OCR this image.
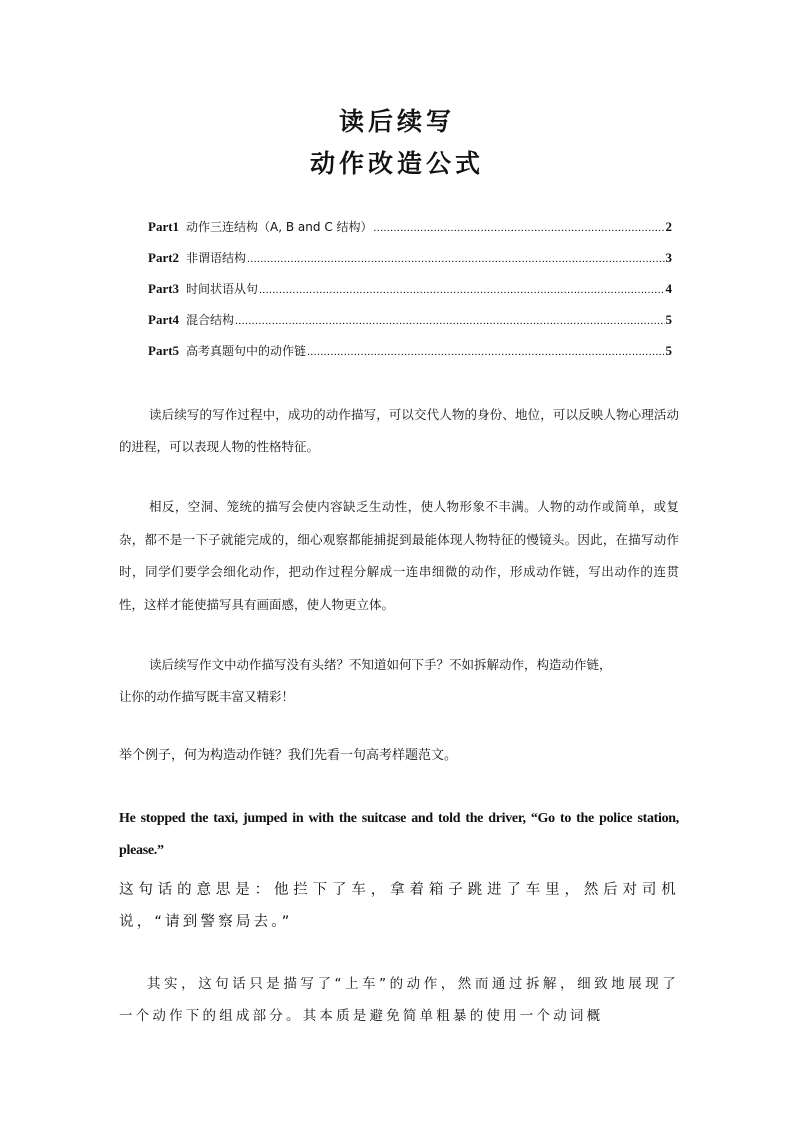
读后续写
动作改造公式
Part1 动作三连结构（A, B and C 结构） .....	2
Part2 非谓语结构 .....	3
Part3 时间状语从句 .....	4
Part4 混合结构 .....	5
Part5 高考真题句中的动作链 .....	5

读后续写的写作过程中，成功的动作描写，可以交代人物的身份、地位，可以反映人物心理活动的进程，可以表现人物的性格特征。

相反，空洞、笼统的描写会使内容缺乏生动性，使人物形象不丰满。人物的动作或简单，或复杂，都不是一下子就能完成的，细心观察都能捕捉到最能体现人物特征的慢镜头。因此，在描写动作时，同学们要学会细化动作，把动作过程分解成一连串细微的动作，形成动作链，写出动作的连贯性，这样才能使描写具有画面感，使人物更立体。

读后续写作文中动作描写没有头绪？不知道如何下手？不如拆解动作，构造动作链，
让你的动作描写既丰富又精彩！

举个例子，何为构造动作链？我们先看一句高考样题范文。

He stopped the taxi, jumped in with the suitcase and told the driver, “Go to the police station, please.”

这句话的意思是：他拦下了车，拿着箱子跳进了车里，然后对司机说，“请到警察局去。”

其实，这句话只是描写了“上车”的动作，然而通过拆解，细致地展现了一个动作下的组成部分。其本质是避免简单粗暴的使用一个动词概
